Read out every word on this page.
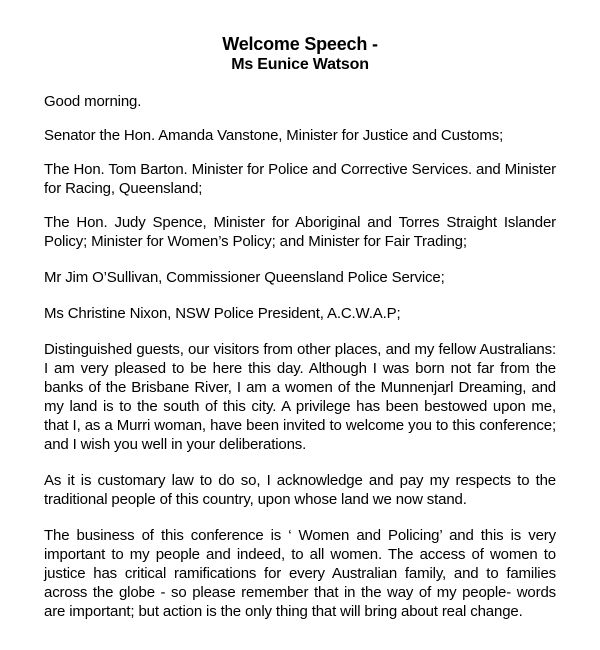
Welcome Speech -
Ms Eunice Watson

Good morning.

Senator the Hon. Amanda Vanstone, Minister for Justice and Customs;

The Hon. Tom Barton. Minister for Police and Corrective Services. and Minister for Racing, Queensland;

The Hon. Judy Spence, Minister for Aboriginal and Torres Straight Islander Policy; Minister for Women’s Policy; and Minister for Fair Trading;

Mr Jim O’Sullivan, Commissioner Queensland Police Service;

Ms Christine Nixon, NSW Police President, A.C.W.A.P;

Distinguished guests, our visitors from other places, and my fellow Australians: I am very pleased to be here this day. Although I was born not far from the banks of the Brisbane River, I am a women of the Munnenjarl Dreaming, and my land is to the south of this city. A privilege has been bestowed upon me, that I, as a Murri woman, have been invited to welcome you to this conference; and I wish you well in your deliberations.

As it is customary law to do so, I acknowledge and pay my respects to the traditional people of this country, upon whose land we now stand.

The business of this conference is ‘ Women and Policing’ and this is very important to my people and indeed, to all women. The access of women to justice has critical ramifications for every Australian family, and to families across the globe - so please remember that in the way of my people- words are important; but action is the only thing that will bring about real change.
